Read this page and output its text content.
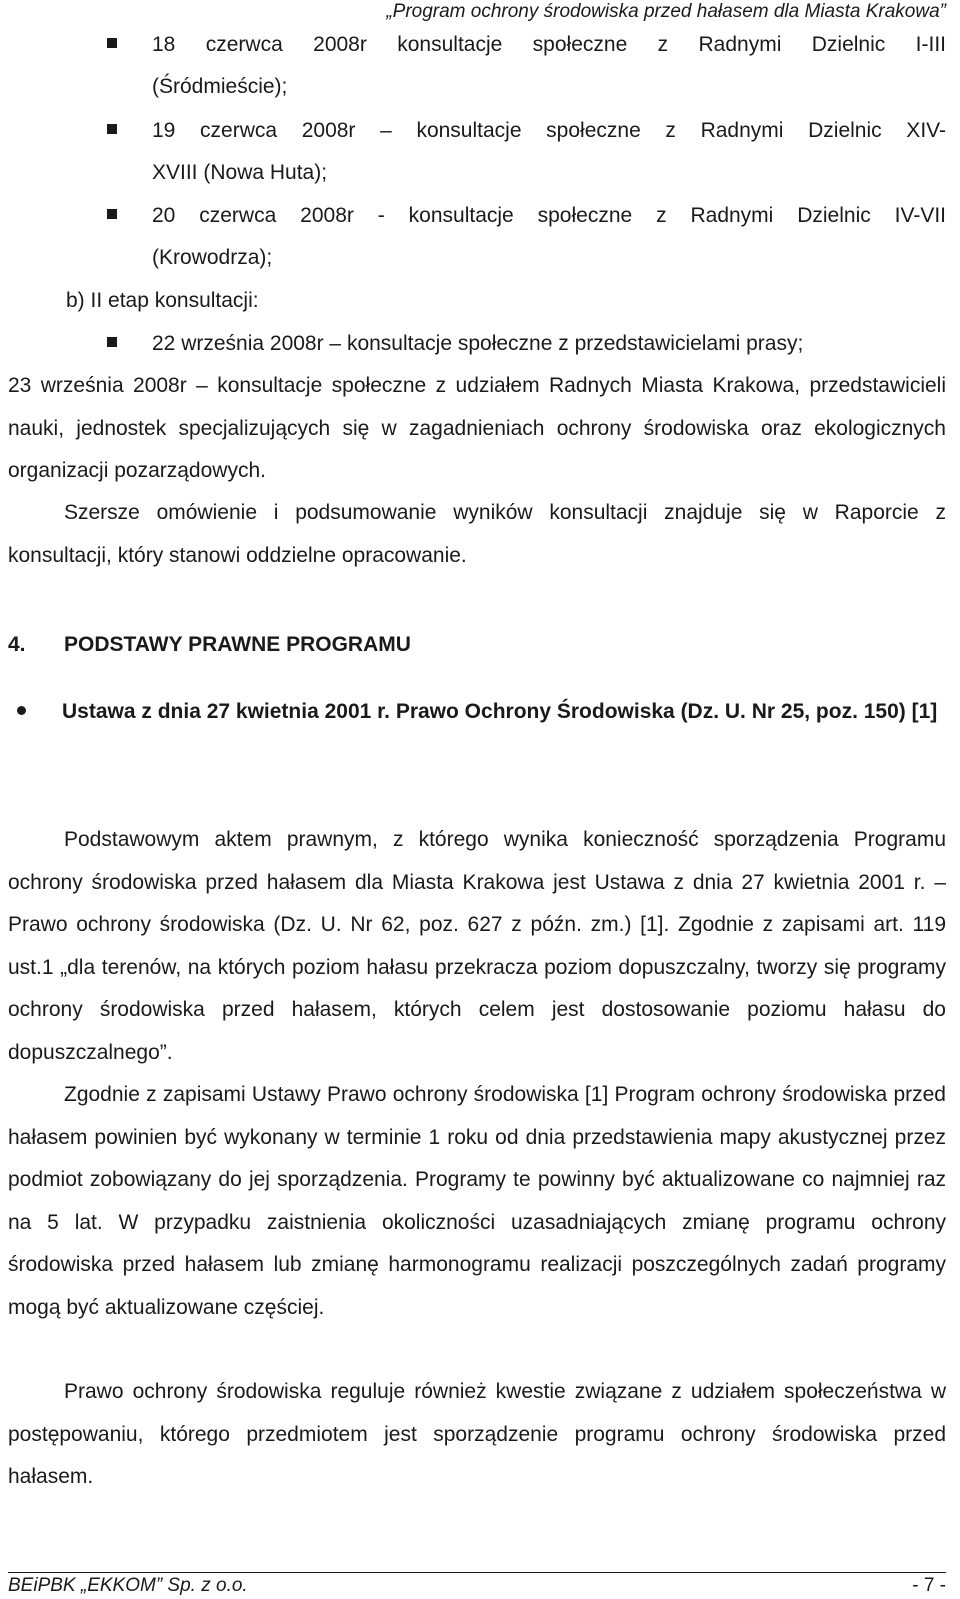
„Program ochrony środowiska przed hałasem dla Miasta Krakowa”
18 czerwca 2008r konsultacje społeczne z Radnymi Dzielnic I-III
(Śródmieście);
19 czerwca 2008r – konsultacje społeczne z Radnymi Dzielnic XIV-
XVIII (Nowa Huta);
20 czerwca 2008r - konsultacje społeczne z Radnymi Dzielnic IV-VII
(Krowodrza);
b) II etap konsultacji:
22 września 2008r – konsultacje społeczne z przedstawicielami prasy;
23 września 2008r – konsultacje społeczne z udziałem Radnych Miasta Krakowa, przedstawicieli nauki, jednostek specjalizujących się w zagadnieniach ochrony środowiska oraz ekologicznych organizacji pozarządowych.
Szersze omówienie i podsumowanie wyników konsultacji znajduje się w Raporcie z konsultacji, który stanowi oddzielne opracowanie.
4. PODSTAWY PRAWNE PROGRAMU
Ustawa z dnia 27 kwietnia 2001 r. Prawo Ochrony Środowiska (Dz. U. Nr 25, poz. 150) [1]
Podstawowym aktem prawnym, z którego wynika konieczność sporządzenia Programu ochrony środowiska przed hałasem dla Miasta Krakowa jest Ustawa z dnia 27 kwietnia 2001 r. – Prawo ochrony środowiska (Dz. U. Nr 62, poz. 627 z późn. zm.) [1]. Zgodnie z zapisami art. 119 ust.1 „dla terenów, na których poziom hałasu przekracza poziom dopuszczalny, tworzy się programy ochrony środowiska przed hałasem, których celem jest dostosowanie poziomu hałasu do dopuszczalnego”.
Zgodnie z zapisami Ustawy Prawo ochrony środowiska [1] Program ochrony środowiska przed hałasem powinien być wykonany w terminie 1 roku od dnia przedstawienia mapy akustycznej przez podmiot zobowiązany do jej sporządzenia. Programy te powinny być aktualizowane co najmniej raz na 5 lat. W przypadku zaistnienia okoliczności uzasadniających zmianę programu ochrony środowiska przed hałasem lub zmianę harmonogramu realizacji poszczególnych zadań programy mogą być aktualizowane częściej.
Prawo ochrony środowiska reguluje również kwestie związane z udziałem społeczeństwa w postępowaniu, którego przedmiotem jest sporządzenie programu ochrony środowiska przed hałasem.
BEiPBK „EKKOM” Sp. z o.o.	- 7 -
